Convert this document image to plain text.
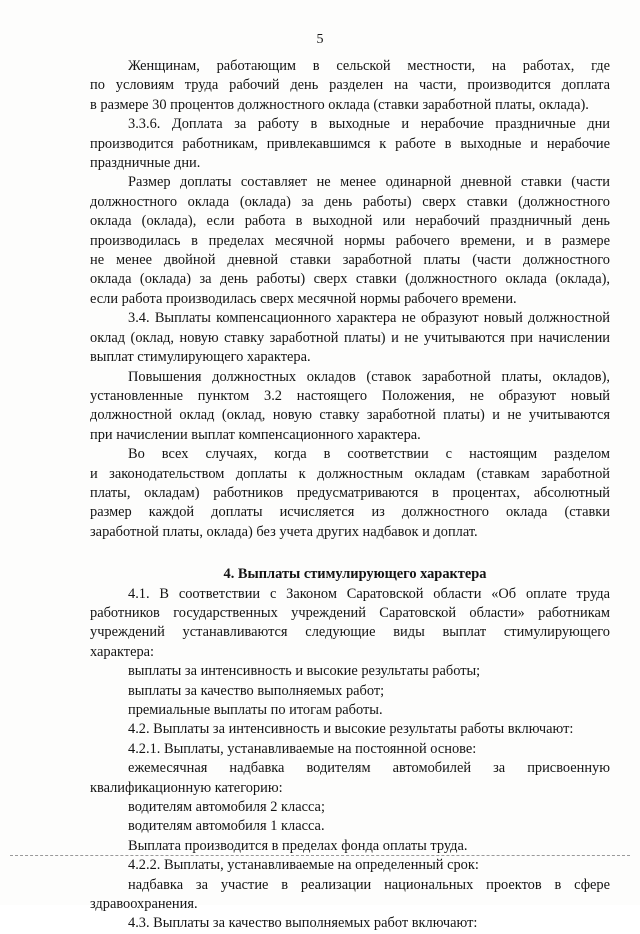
5
Женщинам, работающим в сельской местности, на работах, где
по условиям труда рабочий день разделен на части, производится доплата
в размере 30 процентов должностного оклада (ставки заработной платы, оклада).
3.3.6. Доплата за работу в выходные и нерабочие праздничные дни
производится работникам, привлекавшимся к работе в выходные и нерабочие
праздничные дни.
Размер доплаты составляет не менее одинарной дневной ставки (части
должностного оклада (оклада) за день работы) сверх ставки (должностного
оклада (оклада), если работа в выходной или нерабочий праздничный день
производилась в пределах месячной нормы рабочего времени, и в размере
не менее двойной дневной ставки заработной платы (части должностного
оклада (оклада) за день работы) сверх ставки (должностного оклада (оклада),
если работа производилась сверх месячной нормы рабочего времени.
3.4. Выплаты компенсационного характера не образуют новый должностной
оклад (оклад, новую ставку заработной платы) и не учитываются при начислении
выплат стимулирующего характера.
Повышения должностных окладов (ставок заработной платы, окладов),
установленные пунктом 3.2 настоящего Положения, не образуют новый
должностной оклад (оклад, новую ставку заработной платы) и не учитываются
при начислении выплат компенсационного характера.
Во всех случаях, когда в соответствии с настоящим разделом
и законодательством доплаты к должностным окладам (ставкам заработной
платы, окладам) работников предусматриваются в процентах, абсолютный
размер каждой доплаты исчисляется из должностного оклада (ставки
заработной платы, оклада) без учета других надбавок и доплат.
4. Выплаты стимулирующего характера
4.1. В соответствии с Законом Саратовской области «Об оплате труда
работников государственных учреждений Саратовской области» работникам
учреждений устанавливаются следующие виды выплат стимулирующего
характера:
выплаты за интенсивность и высокие результаты работы;
выплаты за качество выполняемых работ;
премиальные выплаты по итогам работы.
4.2. Выплаты за интенсивность и высокие результаты работы включают:
4.2.1. Выплаты, устанавливаемые на постоянной основе:
ежемесячная надбавка водителям автомобилей за присвоенную
квалификационную категорию:
водителям автомобиля 2 класса;
водителям автомобиля 1 класса.
Выплата производится в пределах фонда оплаты труда.
4.2.2. Выплаты, устанавливаемые на определенный срок:
надбавка за участие в реализации национальных проектов в сфере
здравоохранения.
4.3. Выплаты за качество выполняемых работ включают:
